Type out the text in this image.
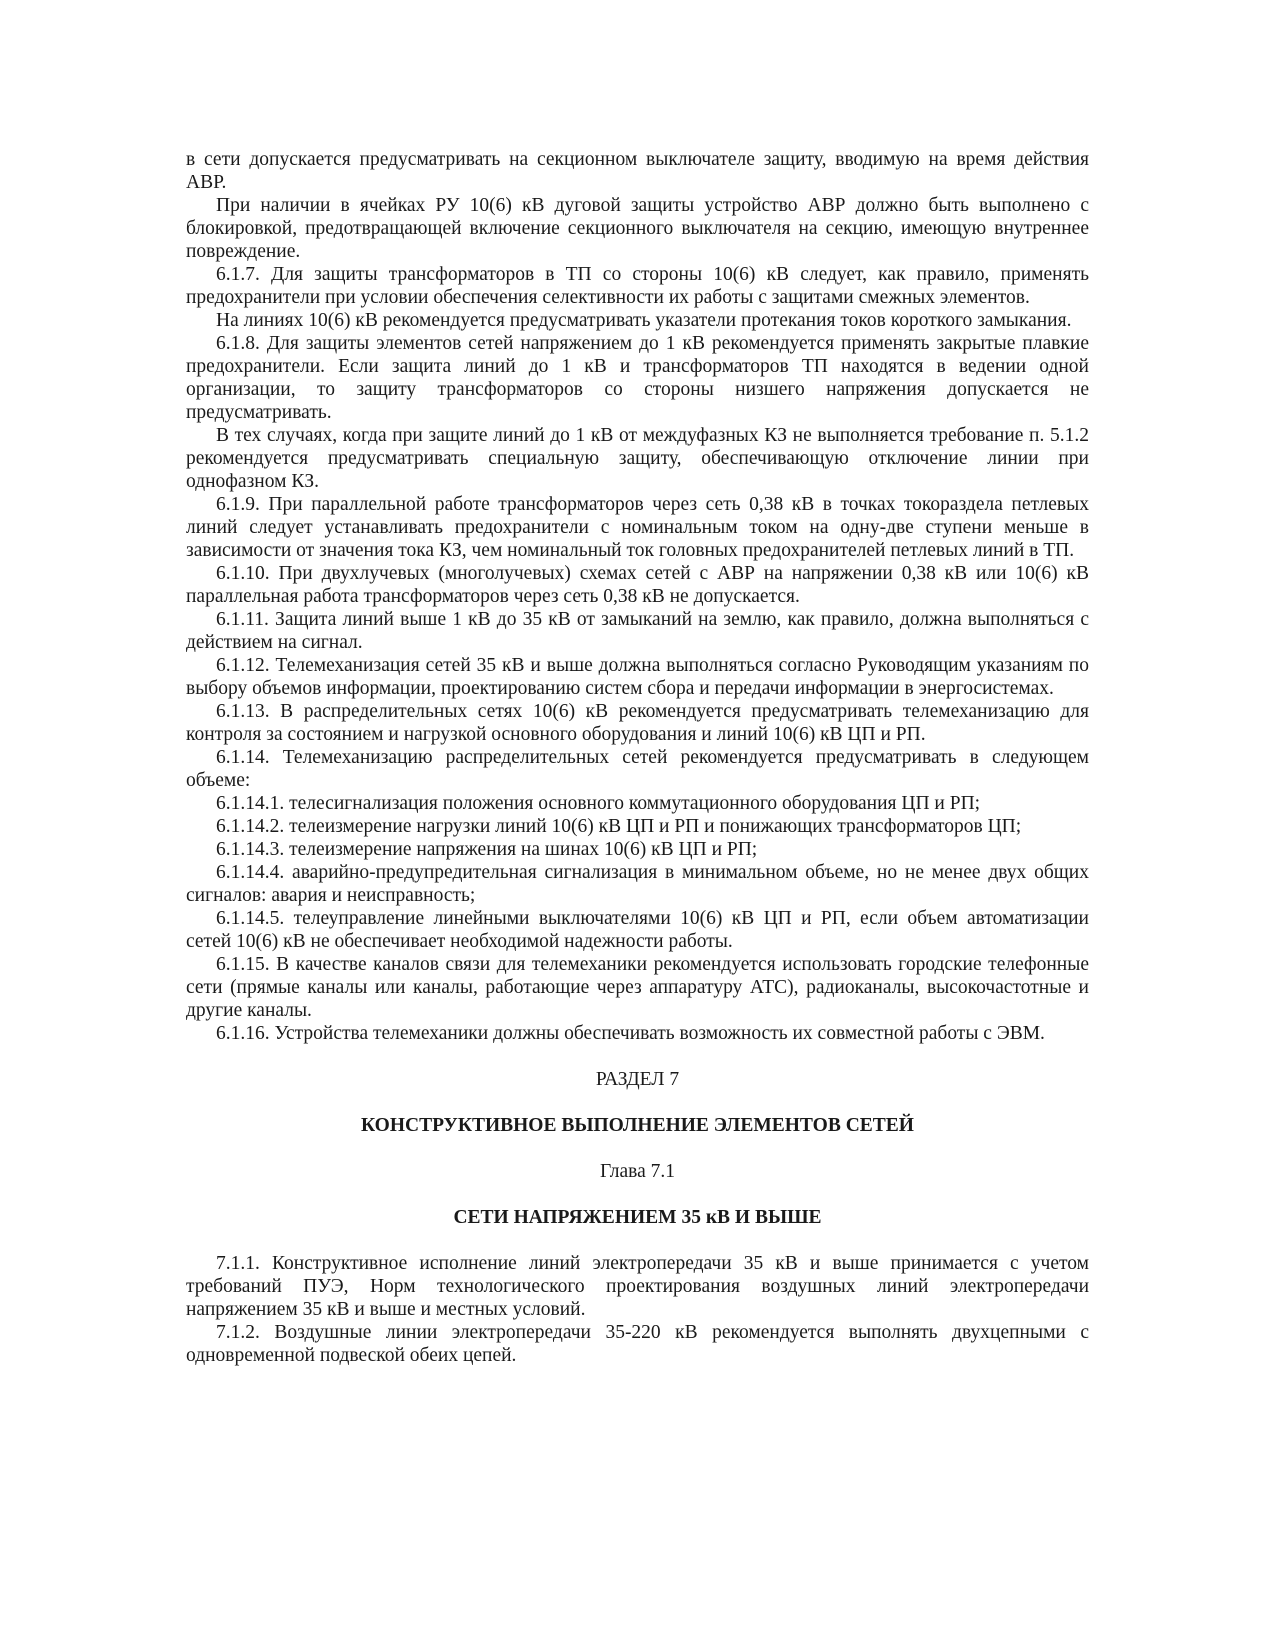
в сети допускается предусматривать на секционном выключателе защиту, вводимую на время действия АВР.

При наличии в ячейках РУ 10(6) кВ дуговой защиты устройство АВР должно быть выполнено с блокировкой, предотвращающей включение секционного выключателя на секцию, имеющую внутреннее повреждение.

6.1.7. Для защиты трансформаторов в ТП со стороны 10(6) кВ следует, как правило, применять предохранители при условии обеспечения селективности их работы с защитами смежных элементов.

На линиях 10(6) кВ рекомендуется предусматривать указатели протекания токов короткого замыкания.

6.1.8. Для защиты элементов сетей напряжением до 1 кВ рекомендуется применять закрытые плавкие предохранители. Если защита линий до 1 кВ и трансформаторов ТП находятся в ведении одной организации, то защиту трансформаторов со стороны низшего напряжения допускается не предусматривать.

В тех случаях, когда при защите линий до 1 кВ от междуфазных КЗ не выполняется требование п. 5.1.2 рекомендуется предусматривать специальную защиту, обеспечивающую отключение линии при однофазном КЗ.

6.1.9. При параллельной работе трансформаторов через сеть 0,38 кВ в точках токораздела петлевых линий следует устанавливать предохранители с номинальным током на одну-две ступени меньше в зависимости от значения тока КЗ, чем номинальный ток головных предохранителей петлевых линий в ТП.

6.1.10. При двухлучевых (многолучевых) схемах сетей с АВР на напряжении 0,38 кВ или 10(6) кВ параллельная работа трансформаторов через сеть 0,38 кВ не допускается.

6.1.11. Защита линий выше 1 кВ до 35 кВ от замыканий на землю, как правило, должна выполняться с действием на сигнал.

6.1.12. Телемеханизация сетей 35 кВ и выше должна выполняться согласно Руководящим указаниям по выбору объемов информации, проектированию систем сбора и передачи информации в энергосистемах.

6.1.13. В распределительных сетях 10(6) кВ рекомендуется предусматривать телемеханизацию для контроля за состоянием и нагрузкой основного оборудования и линий 10(6) кВ ЦП и РП.

6.1.14. Телемеханизацию распределительных сетей рекомендуется предусматривать в следующем объеме:

6.1.14.1. телесигнализация положения основного коммутационного оборудования ЦП и РП;

6.1.14.2. телеизмерение нагрузки линий 10(6) кВ ЦП и РП и понижающих трансформаторов ЦП;

6.1.14.3. телеизмерение напряжения на шинах 10(6) кВ ЦП и РП;

6.1.14.4. аварийно-предупредительная сигнализация в минимальном объеме, но не менее двух общих сигналов: авария и неисправность;

6.1.14.5. телеуправление линейными выключателями 10(6) кВ ЦП и РП, если объем автоматизации сетей 10(6) кВ не обеспечивает необходимой надежности работы.

6.1.15. В качестве каналов связи для телемеханики рекомендуется использовать городские телефонные сети (прямые каналы или каналы, работающие через аппаратуру АТС), радиоканалы, высокочастотные и другие каналы.

6.1.16. Устройства телемеханики должны обеспечивать возможность их совместной работы с ЭВМ.

РАЗДЕЛ 7

КОНСТРУКТИВНОЕ ВЫПОЛНЕНИЕ ЭЛЕМЕНТОВ СЕТЕЙ

Глава 7.1

СЕТИ НАПРЯЖЕНИЕМ 35 кВ И ВЫШЕ

7.1.1. Конструктивное исполнение линий электропередачи 35 кВ и выше принимается с учетом требований ПУЭ, Норм технологического проектирования воздушных линий электропередачи напряжением 35 кВ и выше и местных условий.

7.1.2. Воздушные линии электропередачи 35-220 кВ рекомендуется выполнять двухцепными с одновременной подвеской обеих цепей.
